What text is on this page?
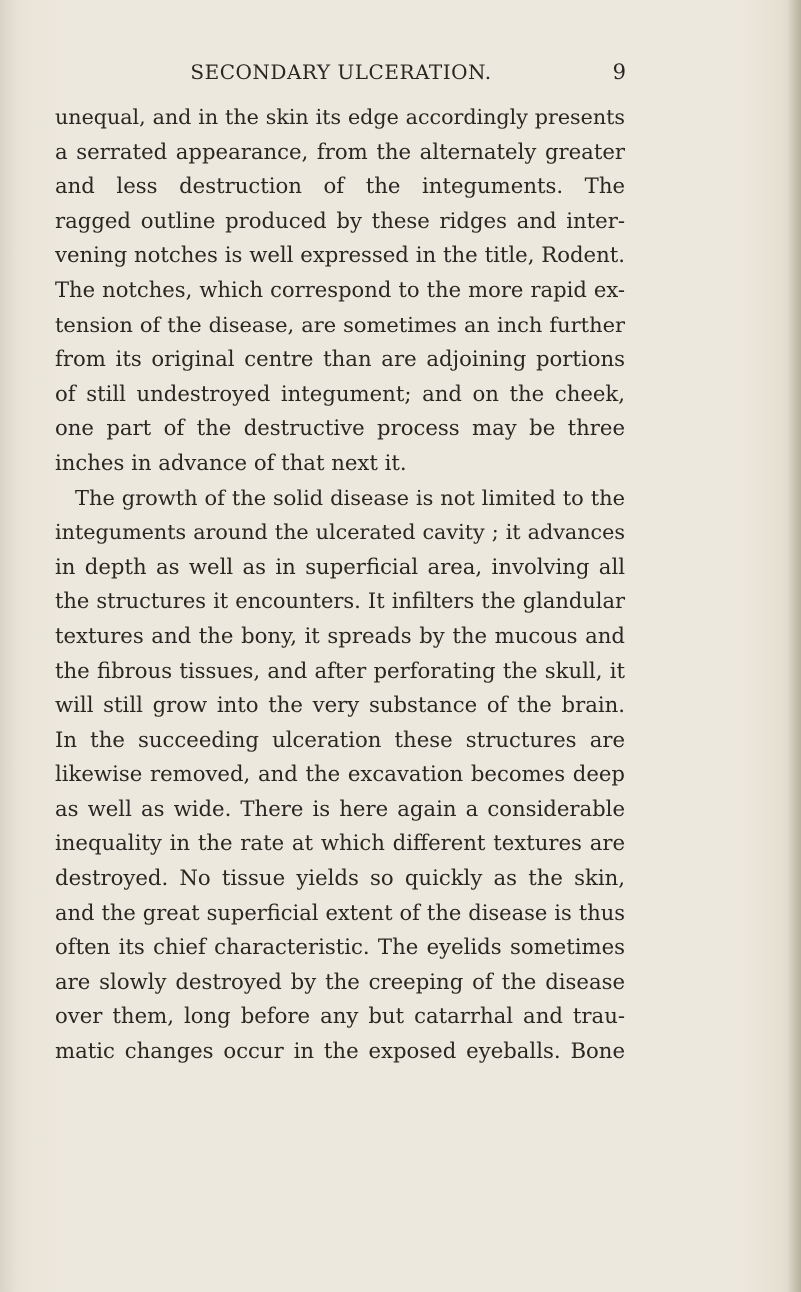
SECONDARY ULCERATION.	9
unequal, and in the skin its edge accordingly presents
a serrated appearance, from the alternately greater
and less destruction of the integuments. The
ragged outline produced by these ridges and inter-
vening notches is well expressed in the title, Rodent.
The notches, which correspond to the more rapid ex-
tension of the disease, are sometimes an inch further
from its original centre than are adjoining portions
of still undestroyed integument; and on the cheek,
one part of the destructive process may be three
inches in advance of that next it.
The growth of the solid disease is not limited to the
integuments around the ulcerated cavity ; it advances
in depth as well as in superficial area, involving all
the structures it encounters. It infilters the glandular
textures and the bony, it spreads by the mucous and
the fibrous tissues, and after perforating the skull, it
will still grow into the very substance of the brain.
In the succeeding ulceration these structures are
likewise removed, and the excavation becomes deep
as well as wide. There is here again a considerable
inequality in the rate at which different textures are
destroyed. No tissue yields so quickly as the skin,
and the great superficial extent of the disease is thus
often its chief characteristic. The eyelids sometimes
are slowly destroyed by the creeping of the disease
over them, long before any but catarrhal and trau-
matic changes occur in the exposed eyeballs. Bone
